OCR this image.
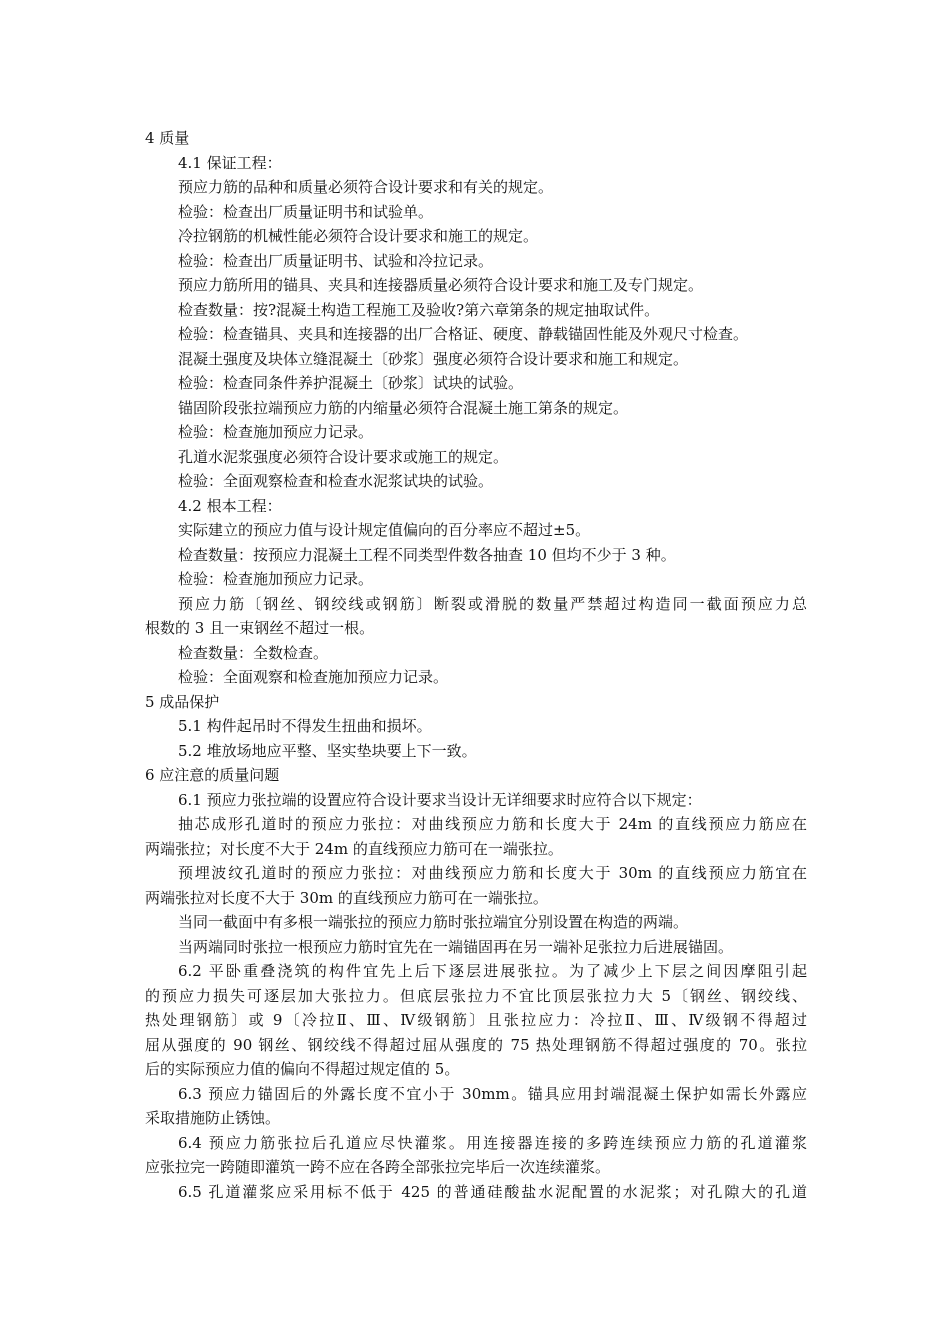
4 质量
4.1 保证工程：
预应力筋的品种和质量必须符合设计要求和有关的规定。
检验：检查出厂质量证明书和试验单。
冷拉钢筋的机械性能必须符合设计要求和施工的规定。
检验：检查出厂质量证明书、试验和冷拉记录。
预应力筋所用的锚具、夹具和连接器质量必须符合设计要求和施工及专门规定。
检查数量：按?混凝土构造工程施工及验收?第六章第条的规定抽取试件。
检验：检查锚具、夹具和连接器的出厂合格证、硬度、静载锚固性能及外观尺寸检查。
混凝土强度及块体立缝混凝土〔砂浆〕强度必须符合设计要求和施工和规定。
检验：检查同条件养护混凝土〔砂浆〕试块的试验。
锚固阶段张拉端预应力筋的内缩量必须符合混凝土施工第条的规定。
检验：检查施加预应力记录。
孔道水泥浆强度必须符合设计要求或施工的规定。
检验：全面观察检查和检查水泥浆试块的试验。
4.2 根本工程：
实际建立的预应力值与设计规定值偏向的百分率应不超过±5。
检查数量：按预应力混凝土工程不同类型件数各抽查 10 但均不少于 3 种。
检验：检查施加预应力记录。
预应力筋〔钢丝、钢绞线或钢筋〕断裂或滑脱的数量严禁超过构造同一截面预应力总
根数的 3 且一束钢丝不超过一根。
检查数量：全数检查。
检验：全面观察和检查施加预应力记录。
5 成品保护
5.1 构件起吊时不得发生扭曲和损坏。
5.2 堆放场地应平整、坚实垫块要上下一致。
6 应注意的质量问题
6.1 预应力张拉端的设置应符合设计要求当设计无详细要求时应符合以下规定：
抽芯成形孔道时的预应力张拉：对曲线预应力筋和长度大于 24m 的直线预应力筋应在
两端张拉；对长度不大于 24m 的直线预应力筋可在一端张拉。
预埋波纹孔道时的预应力张拉：对曲线预应力筋和长度大于 30m 的直线预应力筋宜在
两端张拉对长度不大于 30m 的直线预应力筋可在一端张拉。
当同一截面中有多根一端张拉的预应力筋时张拉端宜分别设置在构造的两端。
当两端同时张拉一根预应力筋时宜先在一端锚固再在另一端补足张拉力后进展锚固。
6.2 平卧重叠浇筑的构件宜先上后下逐层进展张拉。为了减少上下层之间因摩阻引起
的预应力损失可逐层加大张拉力。但底层张拉力不宜比顶层张拉力大 5〔钢丝、钢绞线、
热处理钢筋〕或 9〔冷拉Ⅱ、Ⅲ、Ⅳ级钢筋〕且张拉应力：冷拉Ⅱ、Ⅲ、Ⅳ级钢不得超过
屈从强度的 90 钢丝、钢绞线不得超过屈从强度的 75 热处理钢筋不得超过强度的 70。张拉
后的实际预应力值的偏向不得超过规定值的 5。
6.3 预应力锚固后的外露长度不宜小于 30mm。锚具应用封端混凝土保护如需长外露应
采取措施防止锈蚀。
6.4 预应力筋张拉后孔道应尽快灌浆。用连接器连接的多跨连续预应力筋的孔道灌浆
应张拉完一跨随即灌筑一跨不应在各跨全部张拉完毕后一次连续灌浆。
6.5 孔道灌浆应采用标不低于 425 的普通硅酸盐水泥配置的水泥浆；对孔隙大的孔道
